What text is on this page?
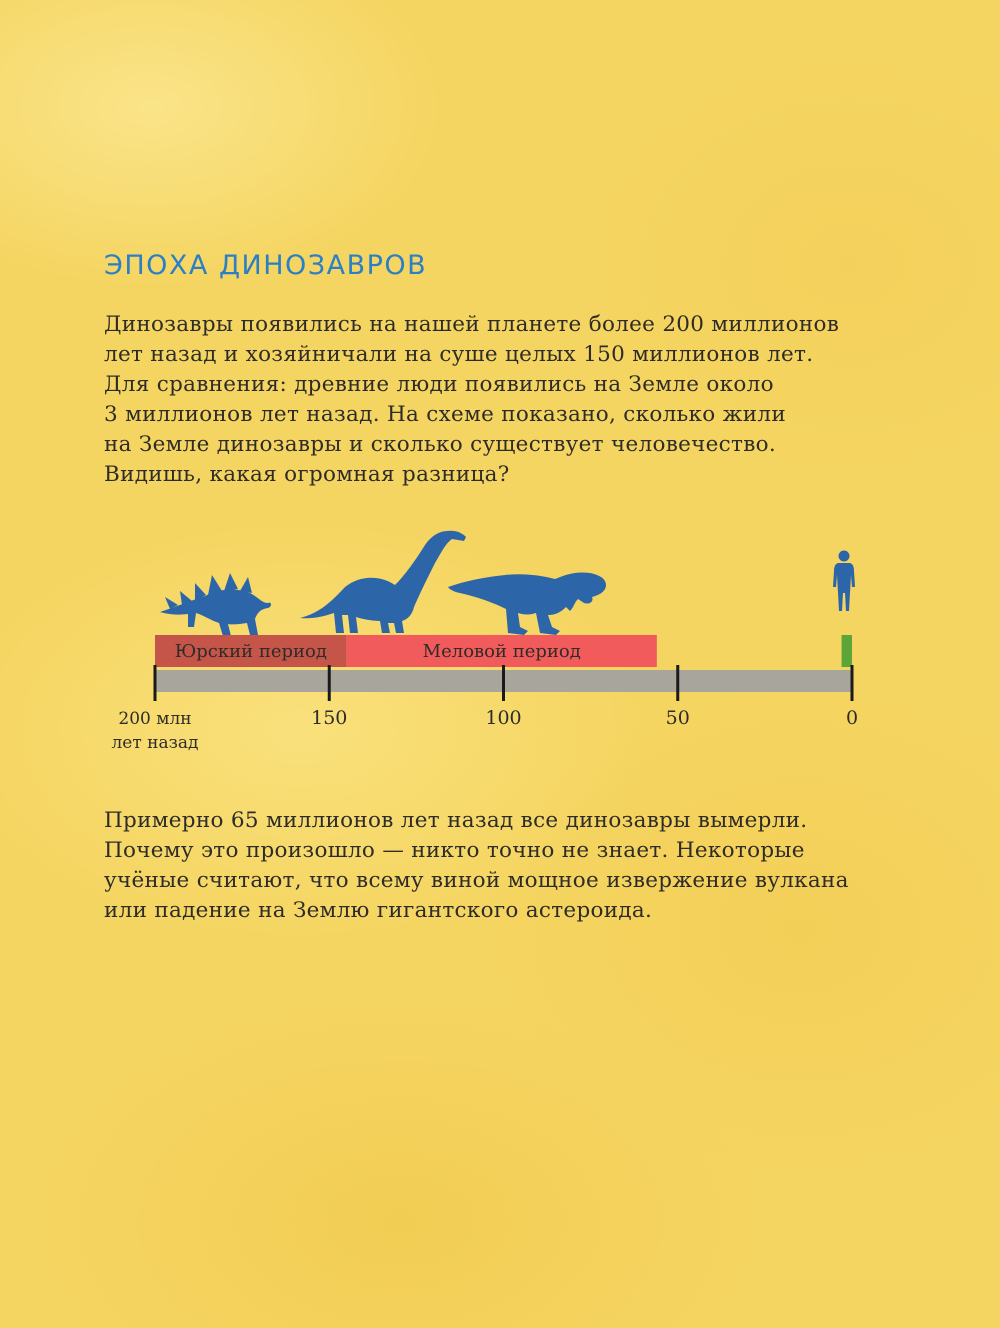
ЭПОХА ДИНОЗАВРОВ

Динозавры появились на нашей планете более 200 миллионов
лет назад и хозяйничали на суше целых 150 миллионов лет.
Для сравнения: древние люди появились на Земле около
3 миллионов лет назад. На схеме показано, сколько жили
на Земле динозавры и сколько существует человечество.
Видишь, какая огромная разница?

Юрский период	Меловой период
200 млн
лет назад
150	100	50	0

Примерно 65 миллионов лет назад все динозавры вымерли.
Почему это произошло — никто точно не знает. Некоторые
учёные считают, что всему виной мощное извержение вулкана
или падение на Землю гигантского астероида.
